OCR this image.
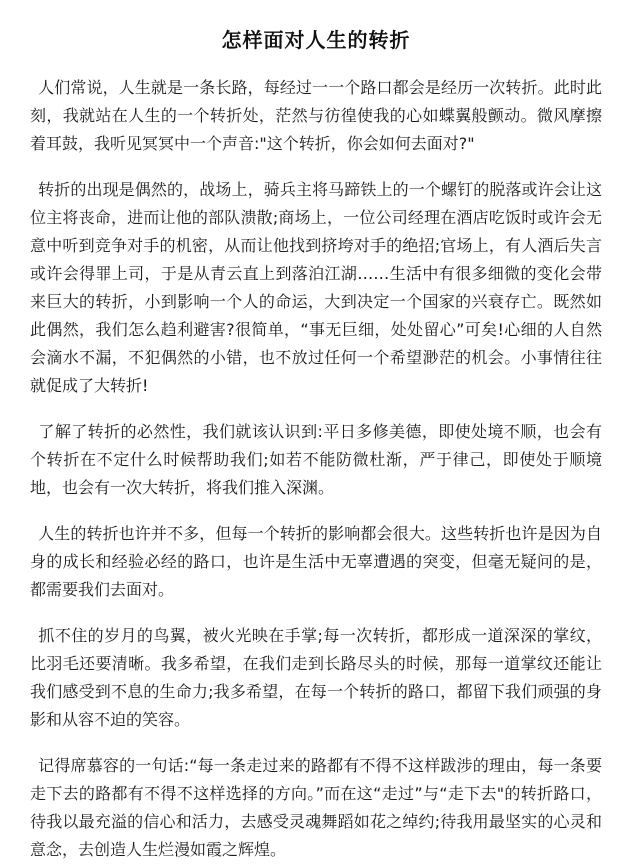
怎样面对人生的转折

人们常说，人生就是一条长路，每经过一一个路口都会是经历一次转折。此时此刻，我就站在人生的一个转折处，茫然与彷徨使我的心如蝶翼般颤动。微风摩擦着耳鼓，我听见冥冥中一个声音:"这个转折，你会如何去面对?"

转折的出现是偶然的，战场上，骑兵主将马蹄铁上的一个螺钉的脱落或许会让这位主将丧命，进而让他的部队溃散;商场上，一位公司经理在酒店吃饭时或许会无意中听到竞争对手的机密，从而让他找到挤垮对手的绝招;官场上，有人酒后失言或许会得罪上司，于是从青云直上到落泊江湖……生活中有很多细微的变化会带来巨大的转折，小到影响一个人的命运，大到决定一个国家的兴衰存亡。既然如此偶然，我们怎么趋利避害?很简单，“事无巨细，处处留心”可矣!心细的人自然会滴水不漏，不犯偶然的小错，也不放过任何一个希望渺茫的机会。小事情往往就促成了大转折!

了解了转折的必然性，我们就该认识到:平日多修美德，即使处境不顺，也会有个转折在不定什么时候帮助我们;如若不能防微杜渐，严于律己，即使处于顺境地，也会有一次大转折，将我们推入深渊。

人生的转折也许并不多，但每一个转折的影响都会很大。这些转折也许是因为自身的成长和经验必经的路口，也许是生活中无辜遭遇的突变，但毫无疑问的是，都需要我们去面对。

抓不住的岁月的鸟翼，被火光映在手掌;每一次转折，都形成一道深深的掌纹，比羽毛还要清晰。我多希望，在我们走到长路尽头的时候，那每一道掌纹还能让我们感受到不息的生命力;我多希望，在每一个转折的路口，都留下我们顽强的身影和从容不迫的笑容。

记得席慕容的一句话:“每一条走过来的路都有不得不这样跋涉的理由，每一条要走下去的路都有不得不这样选择的方向。”而在这“走过”与“走下去"的转折路口，待我以最充溢的信心和活力，去感受灵魂舞蹈如花之绰约;待我用最坚实的心灵和意念，去创造人生烂漫如霞之辉煌。
